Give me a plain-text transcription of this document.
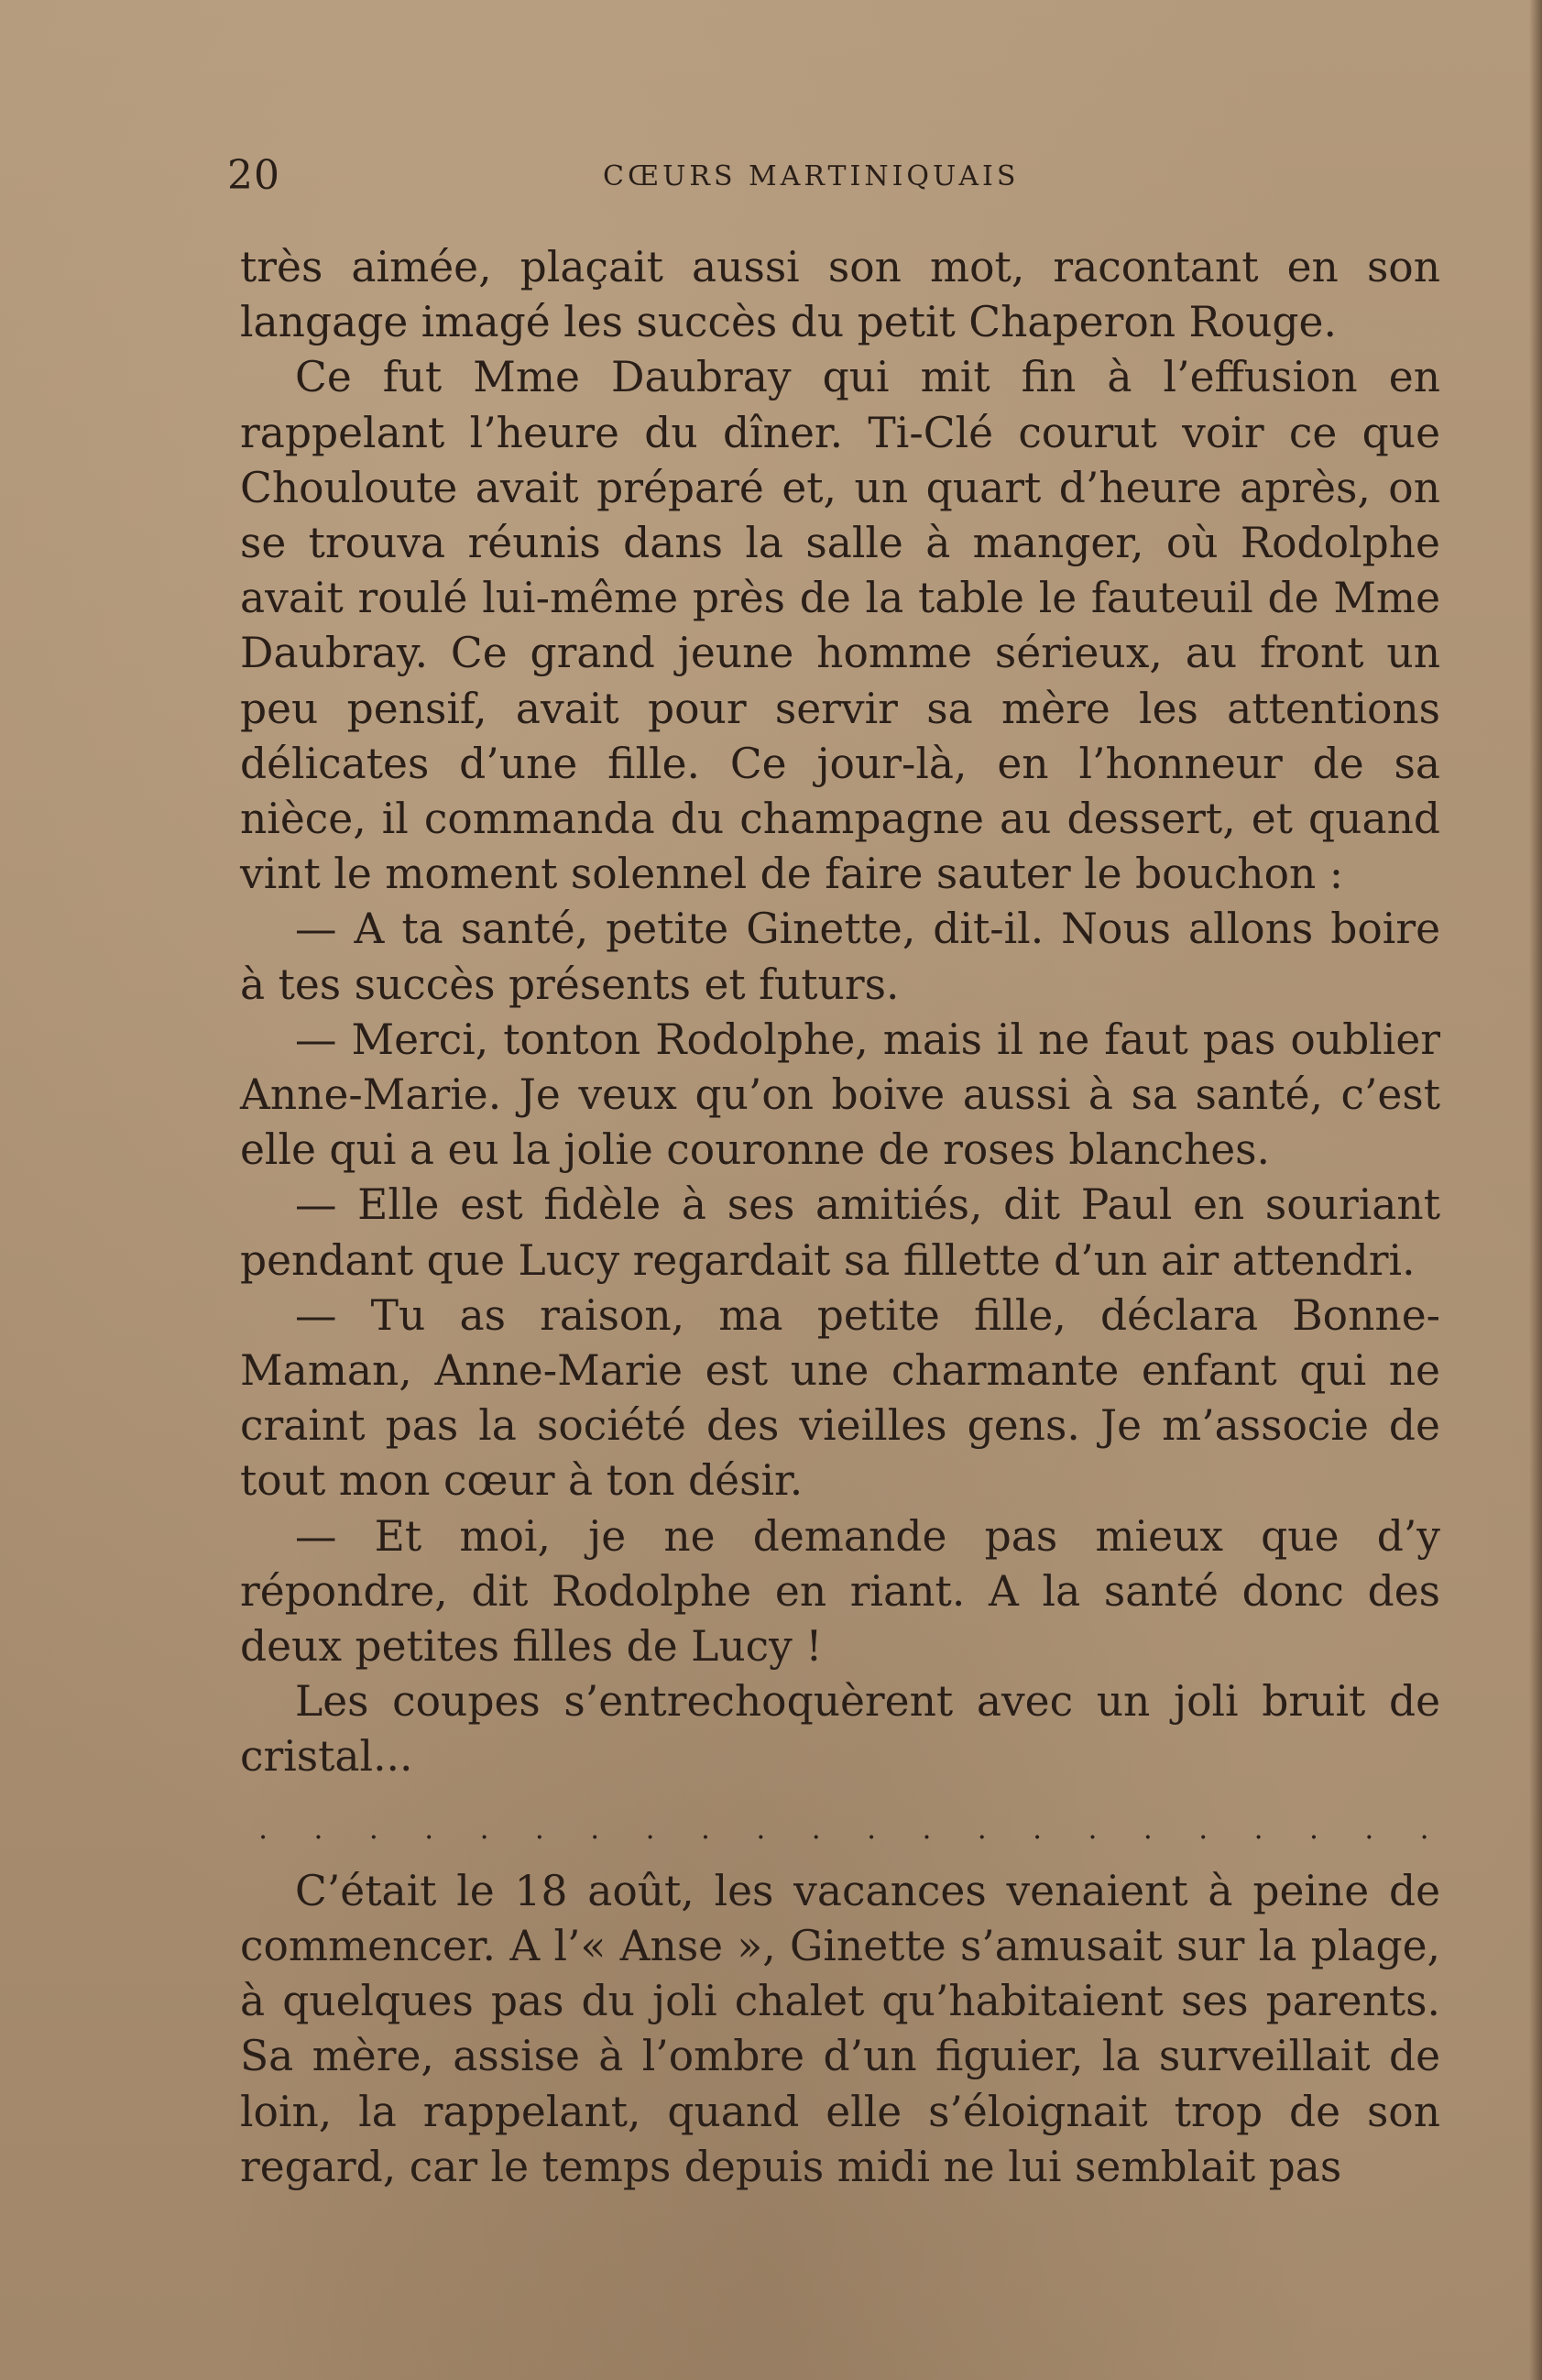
20	CŒURS MARTINIQUAIS

très aimée, plaçait aussi son mot, racontant en son langage imagé les succès du petit Chaperon Rouge.

Ce fut Mme Daubray qui mit fin à l’effusion en rappelant l’heure du dîner. Ti-Clé courut voir ce que Chouloute avait préparé et, un quart d’heure après, on se trouva réunis dans la salle à manger, où Rodolphe avait roulé lui-même près de la table le fauteuil de Mme Daubray. Ce grand jeune homme sérieux, au front un peu pensif, avait pour servir sa mère les attentions délicates d’une fille. Ce jour-là, en l’honneur de sa nièce, il commanda du champagne au dessert, et quand vint le moment solennel de faire sauter le bouchon :

— A ta santé, petite Ginette, dit-il. Nous allons boire à tes succès présents et futurs.

— Merci, tonton Rodolphe, mais il ne faut pas oublier Anne-Marie. Je veux qu’on boive aussi à sa santé, c’est elle qui a eu la jolie couronne de roses blanches.

— Elle est fidèle à ses amitiés, dit Paul en souriant pendant que Lucy regardait sa fillette d’un air attendri.

— Tu as raison, ma petite fille, déclara Bonne-Maman, Anne-Marie est une charmante enfant qui ne craint pas la société des vieilles gens. Je m’associe de tout mon cœur à ton désir.

— Et moi, je ne demande pas mieux que d’y répondre, dit Rodolphe en riant. A la santé donc des deux petites filles de Lucy !

Les coupes s’entrechoquèrent avec un joli bruit de cristal...

. . . . . . . . . . . . . . . . . . . . . .

C’était le 18 août, les vacances venaient à peine de commencer. A l’« Anse », Ginette s’amusait sur la plage, à quelques pas du joli chalet qu’habitaient ses parents. Sa mère, assise à l’ombre d’un figuier, la surveillait de loin, la rappelant, quand elle s’éloignait trop de son regard, car le temps depuis midi ne lui semblait pas
